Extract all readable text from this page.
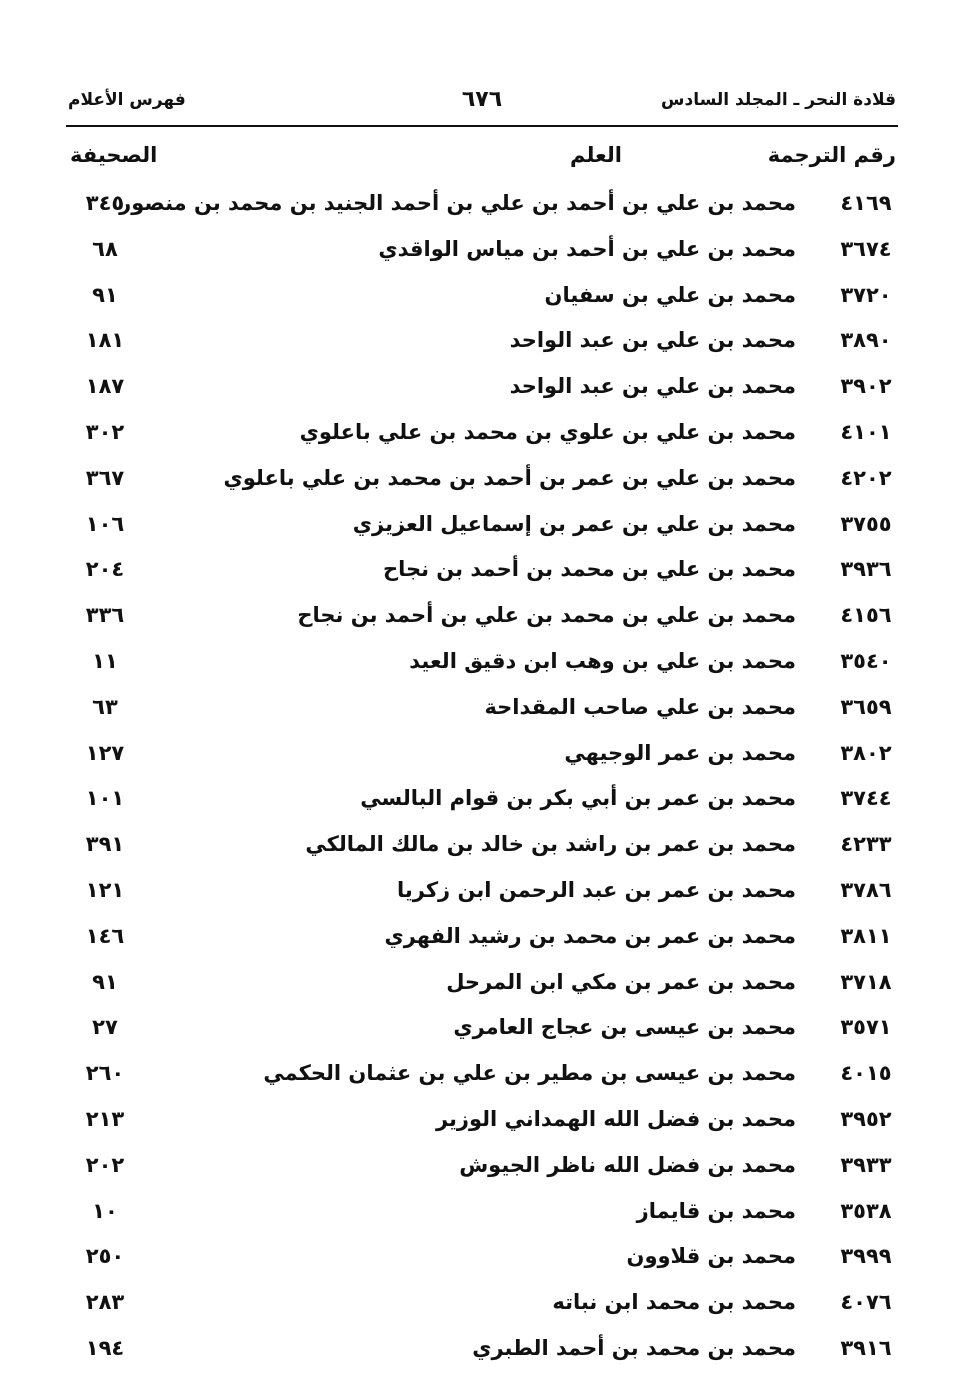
قلادة النحر ـ المجلد السادس
٦٧٦
فهرس الأعلام
رقم الترجمة
العلم
الصحيفة
٤١٦٩
محمد بن علي بن أحمد بن علي بن أحمد الجنيد بن محمد بن منصور
٣٤٥
٣٦٧٤
محمد بن علي بن أحمد بن مياس الواقدي
٦٨
٣٧٢٠
محمد بن علي بن سفيان
٩١
٣٨٩٠
محمد بن علي بن عبد الواحد
١٨١
٣٩٠٢
محمد بن علي بن عبد الواحد
١٨٧
٤١٠١
محمد بن علي بن علوي بن محمد بن علي باعلوي
٣٠٢
٤٢٠٢
محمد بن علي بن عمر بن أحمد بن محمد بن علي باعلوي
٣٦٧
٣٧٥٥
محمد بن علي بن عمر بن إسماعيل العزيزي
١٠٦
٣٩٣٦
محمد بن علي بن محمد بن أحمد بن نجاح
٢٠٤
٤١٥٦
محمد بن علي بن محمد بن علي بن أحمد بن نجاح
٣٣٦
٣٥٤٠
محمد بن علي بن وهب ابن دقيق العيد
١١
٣٦٥٩
محمد بن علي صاحب المقداحة
٦٣
٣٨٠٢
محمد بن عمر الوجيهي
١٢٧
٣٧٤٤
محمد بن عمر بن أبي بكر بن قوام البالسي
١٠١
٤٢٣٣
محمد بن عمر بن راشد بن خالد بن مالك المالكي
٣٩١
٣٧٨٦
محمد بن عمر بن عبد الرحمن ابن زكريا
١٢١
٣٨١١
محمد بن عمر بن محمد بن رشيد الفهري
١٤٦
٣٧١٨
محمد بن عمر بن مكي ابن المرحل
٩١
٣٥٧١
محمد بن عيسى بن عجاج العامري
٢٧
٤٠١٥
محمد بن عيسى بن مطير بن علي بن عثمان الحكمي
٢٦٠
٣٩٥٢
محمد بن فضل الله الهمداني الوزير
٢١٣
٣٩٣٣
محمد بن فضل الله ناظر الجيوش
٢٠٢
٣٥٣٨
محمد بن قايماز
١٠
٣٩٩٩
محمد بن قلاوون
٢٥٠
٤٠٧٦
محمد بن محمد ابن نباته
٢٨٣
٣٩١٦
محمد بن محمد بن أحمد الطبري
١٩٤
